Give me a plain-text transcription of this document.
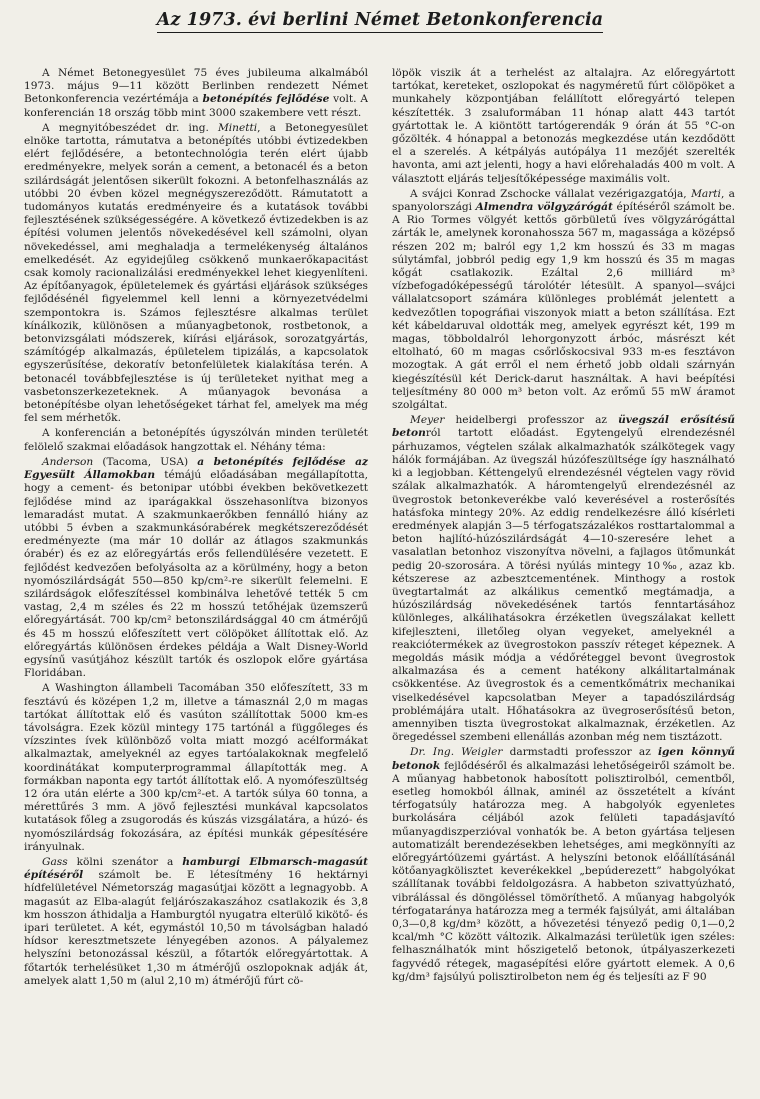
Az 1973. évi berlini Német Betonkonferencia

A Német Betonegyesület 75 éves jubileuma alkalmából 1973. május 9—11 között Berlinben rendezett Német Betonkonferencia vezértémája a betonépítés fejlődése volt. A konferencián 18 ország több mint 3000 szakembere vett részt.

A megnyitóbeszédet dr. ing. Minetti, a Betonegyesület elnöke tartotta, rámutatva a betonépítés utóbbi évtizedekben elért fejlődésére, a betontechnológia terén elért újabb eredményekre, melyek során a cement, a betonacél és a beton szilárdságát jelentősen sikerült fokozni. A betonfelhasználás az utóbbi 20 évben közel megnégyszereződött. Rámutatott a tudományos kutatás eredményeire és a kutatások további fejlesztésének szükségességére. A következő évtizedekben is az építési volumen jelentős növekedésével kell számolni, olyan növekedéssel, ami meghaladja a termelékenység általános emelkedését. Az egyidejűleg csökkenő munkaerőkapacitást csak komoly racionalizálási eredményekkel lehet kiegyenlíteni. Az építőanyagok, épületelemek és gyártási eljárások szükséges fejlődésénél figyelemmel kell lenni a környezetvédelmi szempontokra is. Számos fejlesztésre alkalmas terület kínálkozik, különösen a műanyagbetonok, rostbetonok, a betonvizsgálati módszerek, kiírási eljárások, sorozatgyártás, számítógép alkalmazás, épületelem tipizálás, a kapcsolatok egyszerűsítése, dekoratív betonfelületek kialakítása terén. A betonacél továbbfejlesztése is új területeket nyithat meg a vasbetonszerkezeteknek. A műanyagok bevonása a betonépítésbe olyan lehetőségeket tárhat fel, amelyek ma még fel sem mérhetők.

A konferencián a betonépítés úgyszólván minden területét felölelő szakmai előadások hangzottak el. Néhány téma:

Anderson (Tacoma, USA) a betonépítés fejlődése az Egyesült Államokban témájú előadásában megállapította, hogy a cement- és betonipar utóbbi években bekövetkezett fejlődése mind az iparágakkal összehasonlítva bizonyos lemaradást mutat. A szakmunkaerőkben fennálló hiány az utóbbi 5 évben a szakmunkásórabérek megkétszereződését eredményezte (ma már 10 dollár az átlagos szakmunkás órabér) és ez az előregyártás erős fellendülésére vezetett. E fejlődést kedvezően befolyásolta az a körülmény, hogy a beton nyomószilárdságát 550—850 kp/cm²-re sikerült felemelni. E szilárdságok előfeszítéssel kombinálva lehetővé tették 5 cm vastag, 2,4 m széles és 22 m hosszú tetőhéjak üzemszerű előregyártását. 700 kp/cm² betonszilárdsággal 40 cm átmérőjű és 45 m hosszú előfeszített vert cölöpöket állítottak elő. Az előregyártás különösen érdekes példája a Walt Disney-World egysínű vasútjához készült tartók és oszlopok előre gyártása Floridában.

A Washington állambeli Tacomában 350 előfeszített, 33 m fesztávú és középen 1,2 m, illetve a támasznál 2,0 m magas tartókat állítottak elő és vasúton szállítottak 5000 km-es távolságra. Ezek közül mintegy 175 tartónál a függőleges és vízszintes ívek különböző volta miatt mozgó acélformákat alkalmaztak, amelyeknél az egyes tartóalakoknak megfelelő koordinátákat komputerprogrammal állapították meg. A formákban naponta egy tartót állítottak elő. A nyomófeszültség 12 óra után elérte a 300 kp/cm²-et. A tartók súlya 60 tonna, a mérettűrés 3 mm. A jövő fejlesztési munkával kapcsolatos kutatások főleg a zsugorodás és kúszás vizsgálatára, a húzó- és nyomószilárdság fokozására, az építési munkák gépesítésére irányulnak.

Gass kölni szenátor a hamburgi Elbmarsch-magasút építéséről számolt be. E létesítmény 16 hektárnyi hídfelületével Németország magasútjai között a legnagyobb. A magasút az Elba-alagút feljárószakaszához csatlakozik és 3,8 km hosszon áthidalja a Hamburgtól nyugatra elterülő kikötő- és ipari területet. A két, egymástól 10,50 m távolságban haladó hídsor keresztmetszete lényegében azonos. A pályalemez helyszíni betonozással készül, a főtartók előregyártottak. A főtartók terhelésüket 1,30 m átmérőjű oszlopoknak adják át, amelyek alatt 1,50 m (alul 2,10 m) átmérőjű fúrt cö-

löpök viszik át a terhelést az altalajra. Az előregyártott tartókat, kereteket, oszlopokat és nagyméretű fúrt cölöpöket a munkahely központjában felállított előregyártó telepen készítették. 3 zsaluformában 11 hónap alatt 443 tartót gyártottak le. A kiöntött tartógerendák 9 órán át 55 °C-on gőzölték. 4 hónappal a betonozás megkezdése után kezdődött el a szerelés. A kétpályás autópálya 11 mezőjét szerelték havonta, ami azt jelenti, hogy a havi előrehaladás 400 m volt. A választott eljárás teljesítőképessége maximális volt.

A svájci Konrad Zschocke vállalat vezérigazgatója, Marti, a spanyolországi Almendra völgyzárógát építéséről számolt be. A Rio Tormes völgyét kettős görbületű íves völgyzárógáttal zárták le, amelynek koronahossza 567 m, magassága a középső részen 202 m; balról egy 1,2 km hosszú és 33 m magas súlytámfal, jobbról pedig egy 1,9 km hosszú és 35 m magas kőgát csatlakozik. Ezáltal 2,6 milliárd m³ vízbefogadóképességű tárolótér létesült. A spanyol—svájci vállalatcsoport számára különleges problémát jelentett a kedvezőtlen topográfiai viszonyok miatt a beton szállítása. Ezt két kábeldaruval oldották meg, amelyek egyrészt két, 199 m magas, többoldalról lehorgonyzott árbóc, másrészt két eltolható, 60 m magas csőrlőskocsival 933 m-es fesztávon mozogtak. A gát erről el nem érhető jobb oldali szárnyán kiegészítésül két Derick-darut használtak. A havi beépítési teljesítmény 80 000 m³ beton volt. Az erőmű 55 mW áramot szolgáltat.

Meyer heidelbergi professzor az üvegszál erősítésű betonról tartott előadást. Egytengelyű elrendezésnél párhuzamos, végtelen szálak alkalmazhatók szálkötegek vagy hálók formájában. Az üvegszál húzófeszültsége így használható ki a legjobban. Kéttengelyű elrendezésnél végtelen vagy rövid szálak alkalmazhatók. A háromtengelyű elrendezésnél az üvegrostok betonkeverékbe való keverésével a rosterősítés hatásfoka mintegy 20%. Az eddig rendelkezésre álló kísérleti eredmények alapján 3—5 térfogatszázalékos rosttartalommal a beton hajlító-húzószilárdságát 4—10-szeresére lehet a vasalatlan betonhoz viszonyítva növelni, a fajlagos ütőmunkát pedig 20-szorosára. A törési nyúlás mintegy 10‰, azaz kb. kétszerese az azbesztcementének. Minthogy a rostok üvegtartalmát az alkálikus cementkő megtámadja, a húzószilárdság növekedésének tartós fenntartásához különleges, alkálihatásokra érzéketlen üvegszálakat kellett kifejleszteni, illetőleg olyan vegyeket, amelyeknél a reakciótermékek az üvegrostokon passzív réteget képeznek. A megoldás másik módja a védőréteggel bevont üvegrostok alkalmazása és a cement hatékony alkálitartalmának csökkentése. Az üvegrostok és a cementkőmátrix mechanikai viselkedésével kapcsolatban Meyer a tapadószilárdság problémájára utalt. Hőhatásokra az üvegroserősítésű beton, amennyiben tiszta üvegrostokat alkalmaznak, érzéketlen. Az öregedéssel szembeni ellenállás azonban még nem tisztázott.

Dr. Ing. Weigler darmstadti professzor az igen könnyű betonok fejlődéséről és alkalmazási lehetőségeiről számolt be. A műanyag habbetonok habosított polisztirolból, cementből, esetleg homokból állnak, aminél az összetételt a kívánt térfogatsúly határozza meg. A habgolyók egyenletes burkolására céljából azok felületi tapadásjavító műanyagdiszperzióval vonhatók be. A beton gyártása teljesen automatizált berendezésekben lehetséges, ami megkönnyíti az előregyártóüzemi gyártást. A helyszíni betonok előállításánál kötőanyagkölisztet keverékekkel „bepúderezett” habgolyókat szállítanak további feldolgozásra. A habbeton szivattyúzható, vibrálással és döngöléssel tömöríthető. A műanyag habgolyók térfogataránya határozza meg a termék fajsúlyát, ami általában 0,3—0,8 kg/dm³ között, a hővezetési tényező pedig 0,1—0,2 kcal/mh °C között változik. Alkalmazási területük igen széles: felhasználhatók mint hőszigetelő betonok, útpályaszerkezeti fagyvédő rétegek, magasépítési előre gyártott elemek. A 0,6 kg/dm³ fajsúlyú polisztirolbeton nem ég és teljesíti az F 90
